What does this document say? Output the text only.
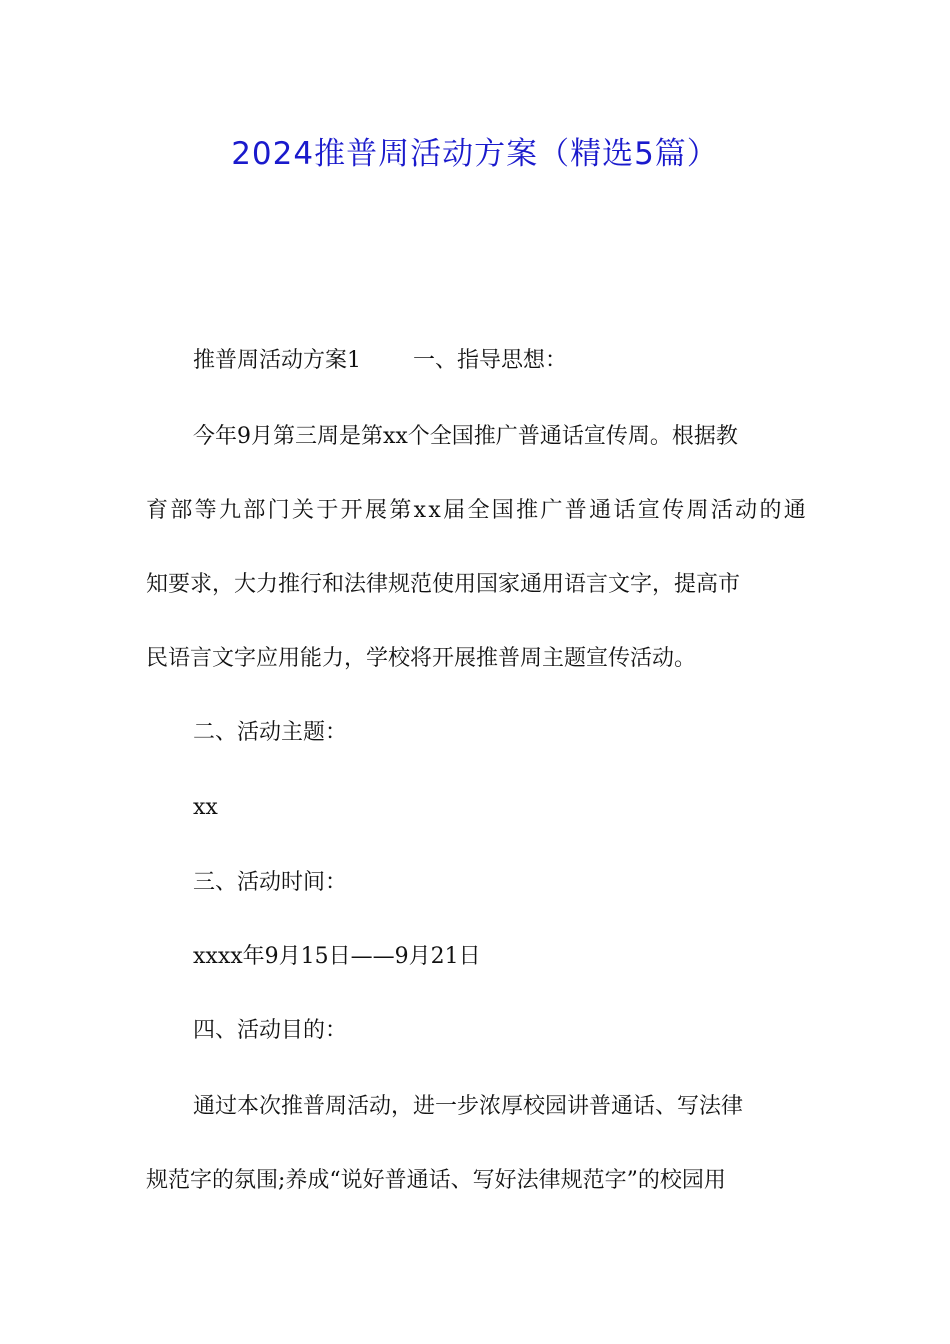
2024推普周活动方案（精选5篇）
推普周活动方案1 一、指导思想：
今年9月第三周是第xx个全国推广普通话宣传周。根据教
育部等九部门关于开展第xx届全国推广普通话宣传周活动的通
知要求，大力推行和法律规范使用国家通用语言文字，提高市
民语言文字应用能力，学校将开展推普周主题宣传活动。
二、活动主题：
xx
三、活动时间：
xxxx年9月15日——9月21日
四、活动目的：
通过本次推普周活动，进一步浓厚校园讲普通话、写法律
规范字的氛围;养成“说好普通话、写好法律规范字”的校园用
